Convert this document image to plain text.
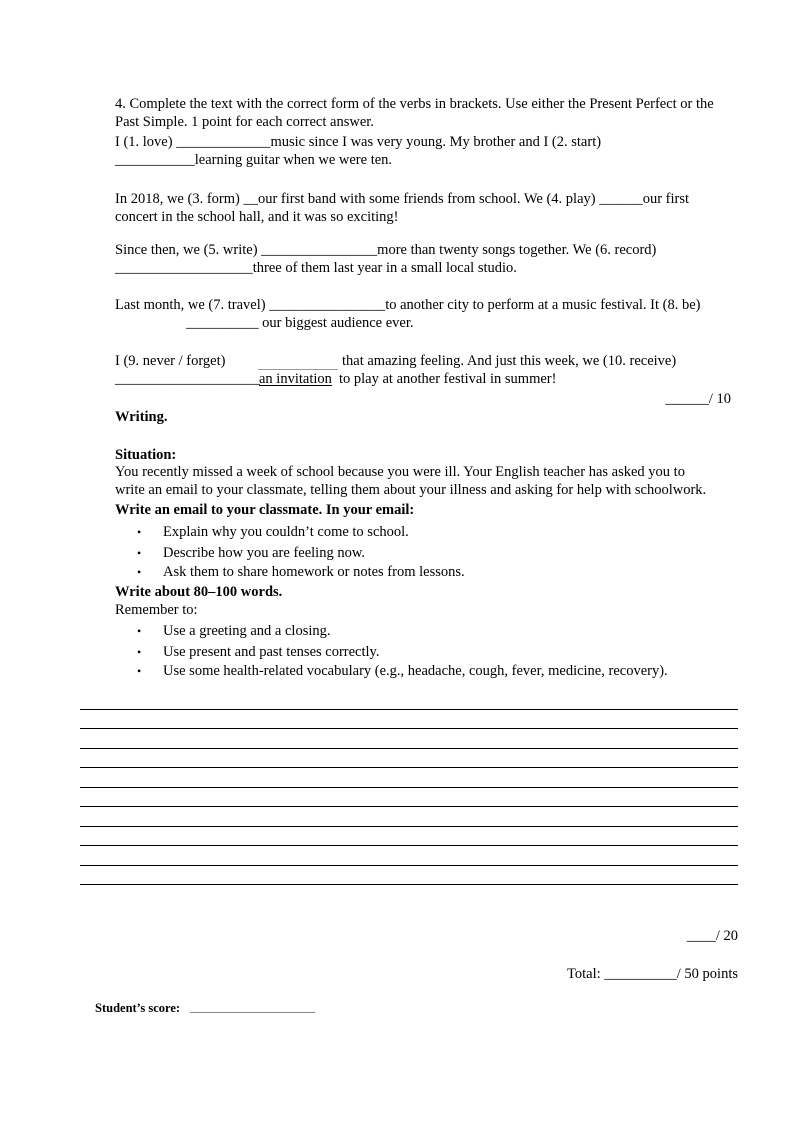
4. Complete the text with the correct form of the verbs in brackets. Use either the Present Perfect or the
Past Simple. 1 point for each correct answer.
I (1. love) _____________music since I was very young. My brother and I (2. start)
___________learning guitar when we were ten.
In 2018, we (3. form) __our first band with some friends from school. We (4. play) ______our first
concert in the school hall, and it was so exciting!
Since then, we (5. write) ________________more than twenty songs together. We (6. record)
___________________three of them last year in a small local studio.
Last month, we (7. travel) ________________to another city to perform at a music festival. It (8. be)
__________ our biggest audience ever.
I (9. never / forget)	that amazing feeling. And just this week, we (10. receive)
____________________ an invitation to play at another festival in summer!
______/ 10
Writing.
Situation:
You recently missed a week of school because you were ill. Your English teacher has asked you to
write an email to your classmate, telling them about your illness and asking for help with schoolwork.
Write an email to your classmate. In your email:
• Explain why you couldn’t come to school.
• Describe how you are feeling now.
• Ask them to share homework or notes from lessons.
Write about 80–100 words.
Remember to:
• Use a greeting and a closing.
• Use present and past tenses correctly.
• Use some health-related vocabulary (e.g., headache, cough, fever, medicine, recovery).
____/ 20
Total: __________/ 50 points
Student’s score: ____________________
